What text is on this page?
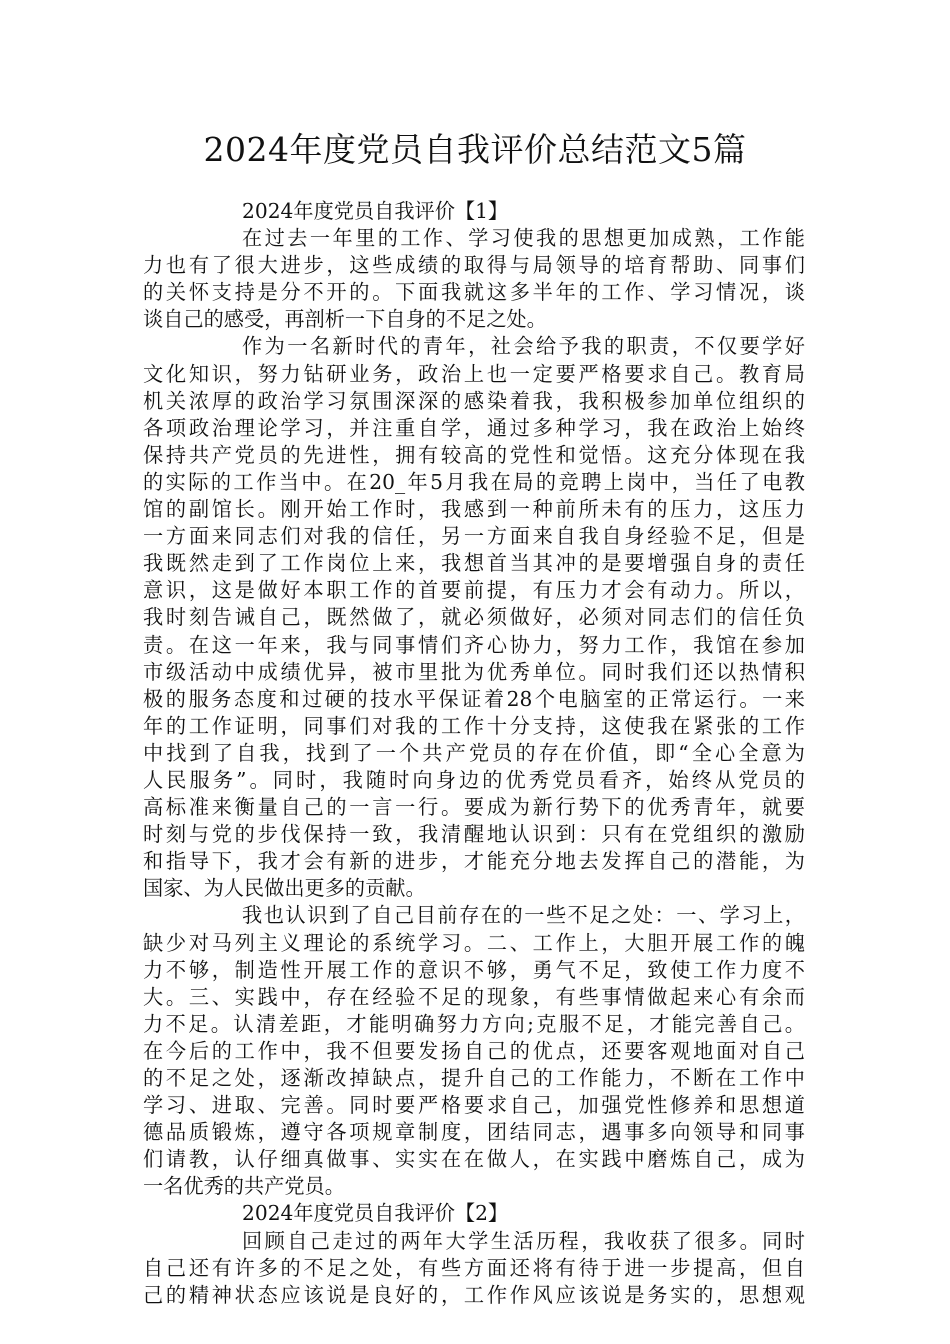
2024年度党员自我评价总结范文5篇
2024年度党员自我评价【1】
在过去一年里的工作、学习使我的思想更加成熟，工作能
力也有了很大进步，这些成绩的取得与局领导的培育帮助、同事们
的关怀支持是分不开的。下面我就这多半年的工作、学习情况，谈
谈自己的感受，再剖析一下自身的不足之处。
作为一名新时代的青年，社会给予我的职责，不仅要学好
文化知识，努力钻研业务，政治上也一定要严格要求自己。教育局
机关浓厚的政治学习氛围深深的感染着我，我积极参加单位组织的
各项政治理论学习，并注重自学，通过多种学习，我在政治上始终
保持共产党员的先进性，拥有较高的党性和觉悟。这充分体现在我
的实际的工作当中。在20_年5月我在局的竞聘上岗中，当任了电教
馆的副馆长。刚开始工作时，我感到一种前所未有的压力，这压力
一方面来同志们对我的信任，另一方面来自我自身经验不足，但是
我既然走到了工作岗位上来，我想首当其冲的是要增强自身的责任
意识，这是做好本职工作的首要前提，有压力才会有动力。所以，
我时刻告诫自己，既然做了，就必须做好，必须对同志们的信任负
责。在这一年来，我与同事情们齐心协力，努力工作，我馆在参加
市级活动中成绩优异，被市里批为优秀单位。同时我们还以热情积
极的服务态度和过硬的技水平保证着28个电脑室的正常运行。一来
年的工作证明，同事们对我的工作十分支持，这使我在紧张的工作
中找到了自我，找到了一个共产党员的存在价值，即“全心全意为
人民服务”。同时，我随时向身边的优秀党员看齐，始终从党员的
高标准来衡量自己的一言一行。要成为新行势下的优秀青年，就要
时刻与党的步伐保持一致，我清醒地认识到：只有在党组织的激励
和指导下，我才会有新的进步，才能充分地去发挥自己的潜能，为
国家、为人民做出更多的贡献。
我也认识到了自己目前存在的一些不足之处：一、学习上，
缺少对马列主义理论的系统学习。二、工作上，大胆开展工作的魄
力不够，制造性开展工作的意识不够，勇气不足，致使工作力度不
大。三、实践中，存在经验不足的现象，有些事情做起来心有余而
力不足。认清差距，才能明确努力方向;克服不足，才能完善自己。
在今后的工作中，我不但要发扬自己的优点，还要客观地面对自己
的不足之处，逐渐改掉缺点，提升自己的工作能力，不断在工作中
学习、进取、完善。同时要严格要求自己，加强党性修养和思想道
德品质锻炼，遵守各项规章制度，团结同志，遇事多向领导和同事
们请教，认仔细真做事、实实在在做人，在实践中磨炼自己，成为
一名优秀的共产党员。
2024年度党员自我评价【2】
回顾自己走过的两年大学生活历程，我收获了很多。同时
自己还有许多的不足之处，有些方面还将有待于进一步提高，但自
己的精神状态应该说是良好的，工作作风应该说是务实的，思想观
